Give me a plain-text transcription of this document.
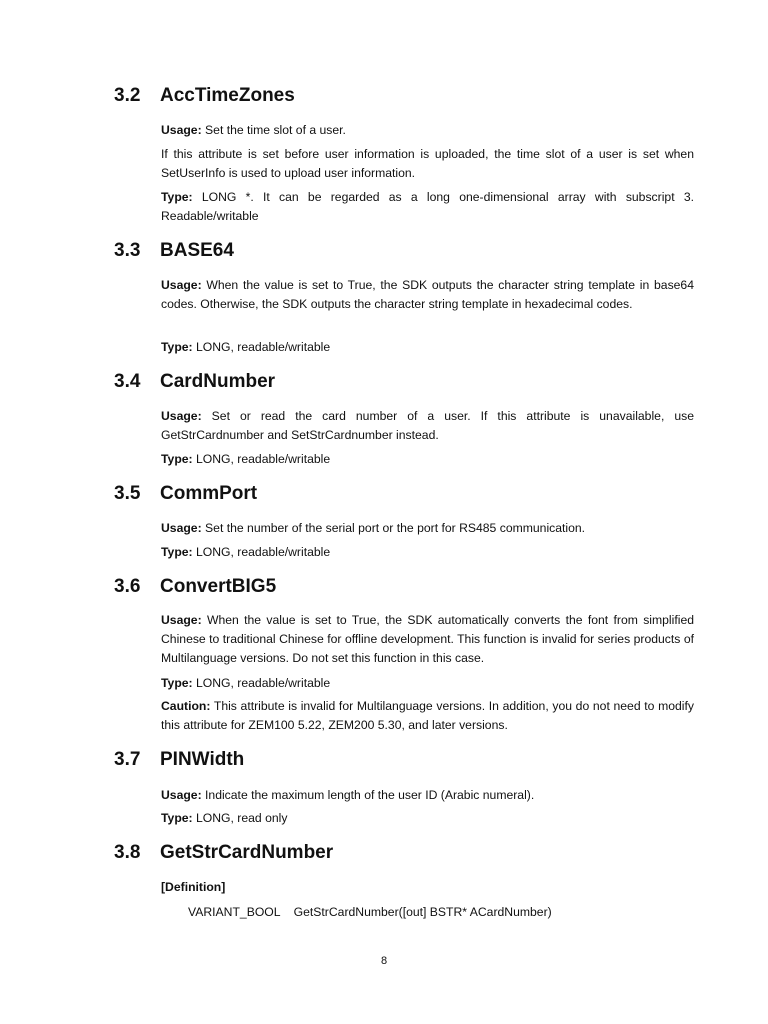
3.2 AccTimeZones

Usage: Set the time slot of a user.

If this attribute is set before user information is uploaded, the time slot of a user is set when SetUserInfo is used to upload user information.

Type: LONG *. It can be regarded as a long one-dimensional array with subscript 3. Readable/writable

3.3 BASE64

Usage: When the value is set to True, the SDK outputs the character string template in base64 codes. Otherwise, the SDK outputs the character string template in hexadecimal codes.

Type: LONG, readable/writable

3.4 CardNumber

Usage: Set or read the card number of a user. If this attribute is unavailable, use GetStrCardnumber and SetStrCardnumber instead.

Type: LONG, readable/writable

3.5 CommPort

Usage: Set the number of the serial port or the port for RS485 communication.

Type: LONG, readable/writable

3.6 ConvertBIG5

Usage: When the value is set to True, the SDK automatically converts the font from simplified Chinese to traditional Chinese for offline development. This function is invalid for series products of Multilanguage versions. Do not set this function in this case.

Type: LONG, readable/writable

Caution: This attribute is invalid for Multilanguage versions. In addition, you do not need to modify this attribute for ZEM100 5.22, ZEM200 5.30, and later versions.

3.7 PINWidth

Usage: Indicate the maximum length of the user ID (Arabic numeral).

Type: LONG, read only

3.8 GetStrCardNumber

[Definition]

VARIANT_BOOL    GetStrCardNumber([out] BSTR* ACardNumber)

8
